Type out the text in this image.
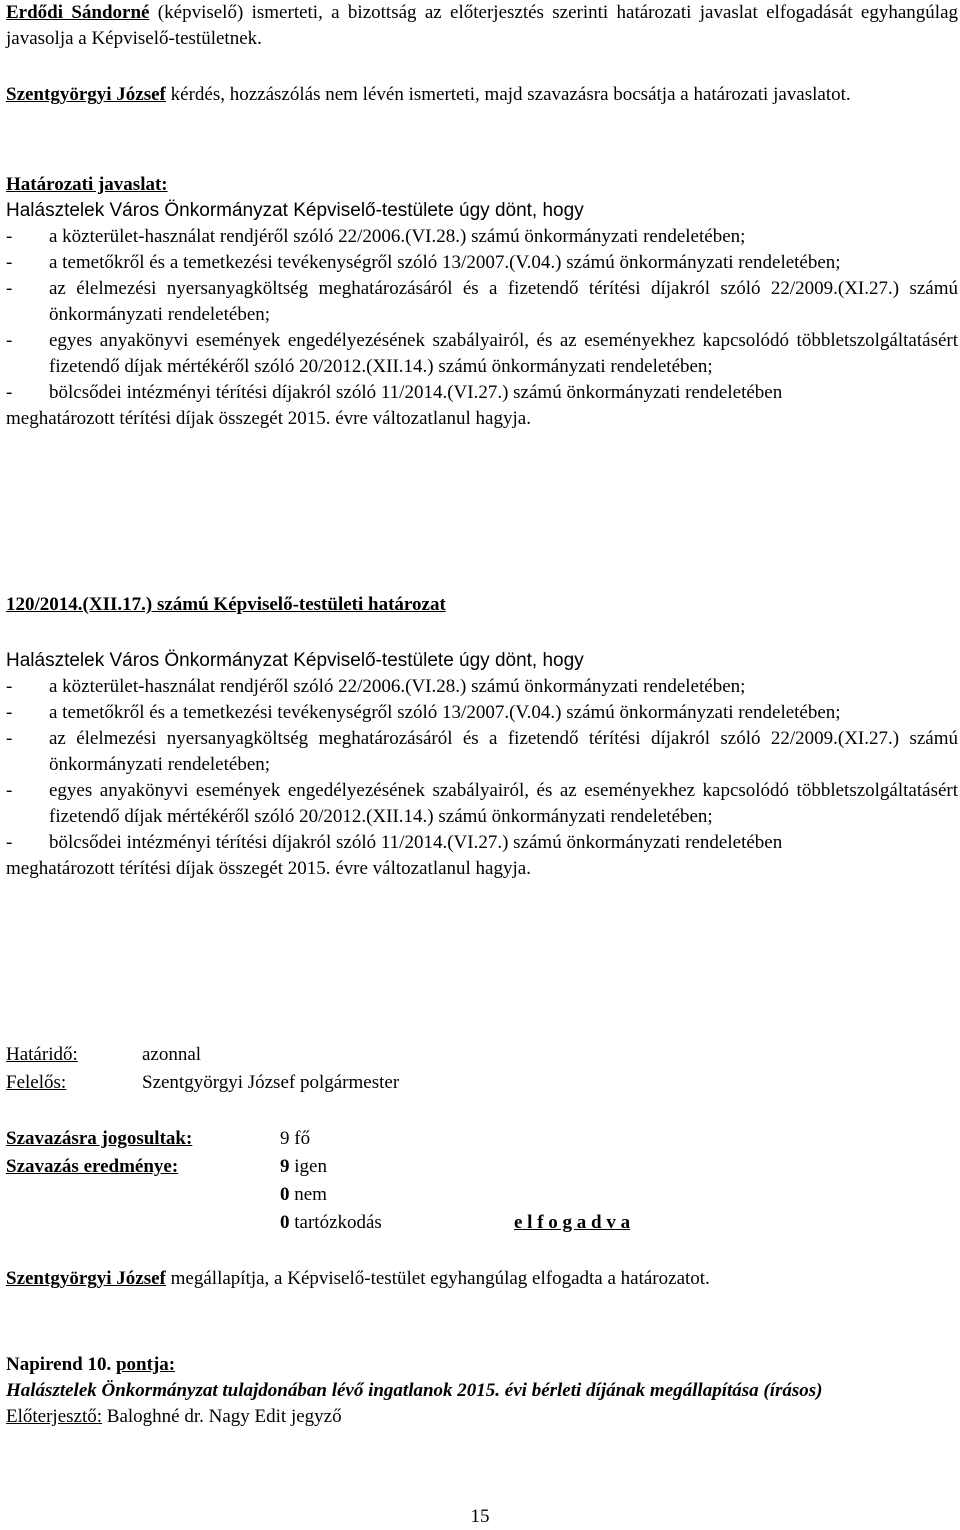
Erdődi Sándorné (képviselő) ismerteti, a bizottság az előterjesztés szerinti határozati javaslat elfogadását egyhangúlag javasolja a Képviselő-testületnek.

Szentgyörgyi József kérdés, hozzászólás nem lévén ismerteti, majd szavazásra bocsátja a határozati javaslatot.

Határozati javaslat:

Halásztelek Város Önkormányzat Képviselő-testülete úgy dönt, hogy

- a közterület-használat rendjéről szóló 22/2006.(VI.28.) számú önkormányzati rendeletében;
- a temetőkről és a temetkezési tevékenységről szóló 13/2007.(V.04.) számú önkormányzati rendeletében;
- az élelmezési nyersanyagköltség meghatározásáról és a fizetendő térítési díjakról szóló 22/2009.(XI.27.) számú önkormányzati rendeletében;
- egyes anyakönyvi események engedélyezésének szabályairól, és az eseményekhez kapcsolódó többletszolgáltatásért fizetendő díjak mértékéről szóló 20/2012.(XII.14.) számú önkormányzati rendeletében;
- bölcsődei intézményi térítési díjakról szóló 11/2014.(VI.27.) számú önkormányzati rendeletében

meghatározott térítési díjak összegét 2015. évre változatlanul hagyja.

120/2014.(XII.17.) számú Képviselő-testületi határozat

Halásztelek Város Önkormányzat Képviselő-testülete úgy dönt, hogy

- a közterület-használat rendjéről szóló 22/2006.(VI.28.) számú önkormányzati rendeletében;
- a temetőkről és a temetkezési tevékenységről szóló 13/2007.(V.04.) számú önkormányzati rendeletében;
- az élelmezési nyersanyagköltség meghatározásáról és a fizetendő térítési díjakról szóló 22/2009.(XI.27.) számú önkormányzati rendeletében;
- egyes anyakönyvi események engedélyezésének szabályairól, és az eseményekhez kapcsolódó többletszolgáltatásért fizetendő díjak mértékéről szóló 20/2012.(XII.14.) számú önkormányzati rendeletében;
- bölcsődei intézményi térítési díjakról szóló 11/2014.(VI.27.) számú önkormányzati rendeletében

meghatározott térítési díjak összegét 2015. évre változatlanul hagyja.

Határidő:	azonnal
Felelős:	Szentgyörgyi József polgármester
Szavazásra jogosultak:	9 fő
Szavazás eredménye:	9 igen
0 nem
0 tartózkodás	e l f o g a d v a

Szentgyörgyi József megállapítja, a Képviselő-testület egyhangúlag elfogadta a határozatot.

Napirend 10. pontja:

Halásztelek Önkormányzat tulajdonában lévő ingatlanok 2015. évi bérleti díjának megállapítása (írásos)

Előterjesztő: Baloghné dr. Nagy Edit jegyző

15
